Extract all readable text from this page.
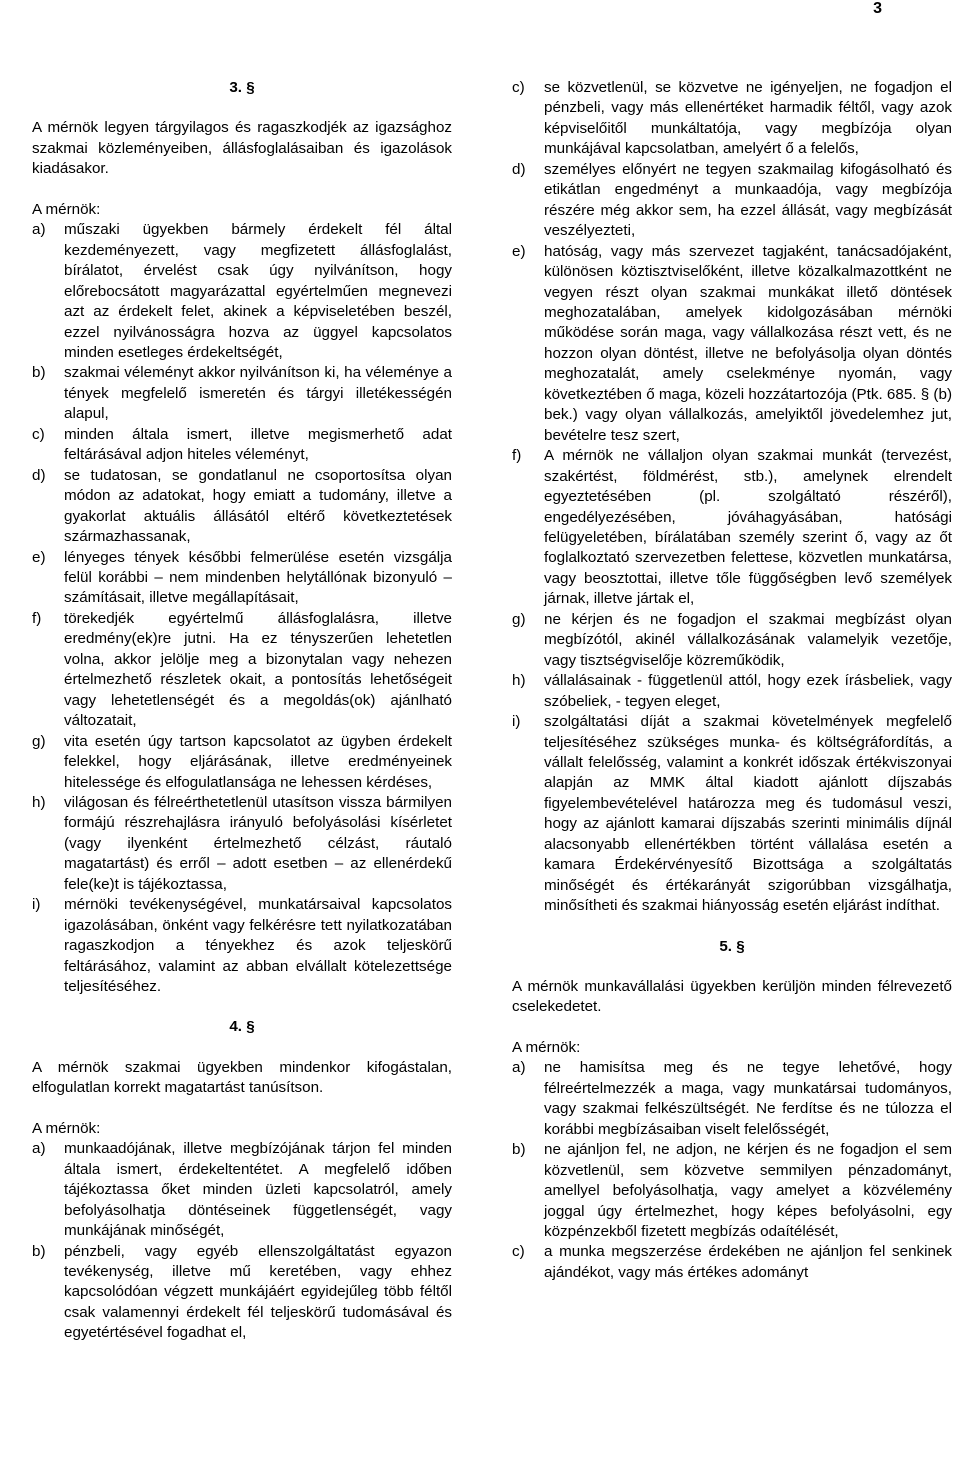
3
3. §

A mérnök legyen tárgyilagos és ragaszkodjék az igazsághoz szakmai közleményeiben, állásfoglalásaiban és igazolások kiadásakor.

A mérnök:
a) műszaki ügyekben bármely érdekelt fél által kezdeményezett, vagy megfizetett állásfoglalást, bírálatot, érvelést csak úgy nyilvánítson, hogy előrebocsátott magyarázattal egyértelműen megnevezi azt az érdekelt felet, akinek a képviseletében beszél, ezzel nyilvánosságra hozva az üggyel kapcsolatos minden esetleges érdekeltségét,
b) szakmai véleményt akkor nyilvánítson ki, ha véleménye a tények megfelelő ismeretén és tárgyi illetékességén alapul,
c) minden általa ismert, illetve megismerhető adat feltárásával adjon hiteles véleményt,
d) se tudatosan, se gondatlanul ne csoportosítsa olyan módon az adatokat, hogy emiatt a tudomány, illetve a gyakorlat aktuális állásától eltérő következtetések származhassanak,
e) lényeges tények későbbi felmerülése esetén vizsgálja felül korábbi – nem mindenben helytállónak bizonyuló – számításait, illetve megállapításait,
f) törekedjék egyértelmű állásfoglalásra, illetve eredmény(ek)re jutni. Ha ez tényszerűen lehetetlen volna, akkor jelölje meg a bizonytalan vagy nehezen értelmezhető részletek okait, a pontosítás lehetőségeit vagy lehetetlenségét és a megoldás(ok) ajánlható változatait,
g) vita esetén úgy tartson kapcsolatot az ügyben érdekelt felekkel, hogy eljárásának, illetve eredményeinek hitelessége és elfogulatlansága ne lehessen kérdéses,
h) világosan és félreérthetetlenül utasítson vissza bármilyen formájú részrehajlásra irányuló befolyásolási kísérletet (vagy ilyenként értelmezhető célzást, ráutaló magatartást) és erről – adott esetben – az ellenérdekű fele(ke)t is tájékoztassa,
i) mérnöki tevékenységével, munkatársaival kapcsolatos igazolásában, önként vagy felkérésre tett nyilatkozatában ragaszkodjon a tényekhez és azok teljeskörű feltárásához, valamint az abban elvállalt kötelezettsége teljesítéséhez.
4. §

A mérnök szakmai ügyekben mindenkor kifogástalan, elfogulatlan korrekt magatartást tanúsítson.

A mérnök:
a) munkaadójának, illetve megbízójának tárjon fel minden általa ismert, érdekeltentétet. A megfelelő időben tájékoztassa őket minden üzleti kapcsolatról, amely befolyásolhatja döntéseinek függetlenségét, vagy munkájának minőségét,
b) pénzbeli, vagy egyéb ellenszolgáltatást egyazon tevékenység, illetve mű keretében, vagy ehhez kapcsolódóan végzett munkájáért egyidejűleg több féltől csak valamennyi érdekelt fél teljeskörű tudomásával és egyetértésével fogadhat el,
c) se közvetlenül, se közvetve ne igényeljen, ne fogadjon el pénzbeli, vagy más ellenértéket harmadik féltől, vagy azok képviselőitől munkáltatója, vagy megbízója olyan munkájával kapcsolatban, amelyért ő a felelős,
d) személyes előnyért ne tegyen szakmailag kifogásolható és etikátlan engedményt a munkaadója, vagy megbízója részére még akkor sem, ha ezzel állását, vagy megbízását veszélyezteti,
e) hatóság, vagy más szervezet tagjaként, tanácsadójaként, különösen köztisztviselőként, illetve közalkalmazottként ne vegyen részt olyan szakmai munkákat illető döntések meghozatalában, amelyek kidolgozásában mérnöki működése során maga, vagy vállalkozása részt vett, és ne hozzon olyan döntést, illetve ne befolyásolja olyan döntés meghozatalát, amely cselekménye nyomán, vagy következtében ő maga, közeli hozzátartozója (Ptk. 685. § (b) bek.) vagy olyan vállalkozás, amelyiktől jövedelemhez jut, bevételre tesz szert,
f) A mérnök ne vállaljon olyan szakmai munkát (tervezést, szakértést, földmérést, stb.), amelynek elrendelt egyeztetésében (pl. szolgáltató részéről), engedélyezésében, jóváhagyásában, hatósági felügyeletében, bírálatában személy szerint ő, vagy az őt foglalkoztató szervezetben felettese, közvetlen munkatársa, vagy beosztottai, illetve tőle függőségben levő személyek járnak, illetve jártak el,
g) ne kérjen és ne fogadjon el szakmai megbízást olyan megbízótól, akinél vállalkozásának valamelyik vezetője, vagy tisztségviselője közreműködik,
h) vállalásainak - függetlenül attól, hogy ezek írásbeliek, vagy szóbeliek, - tegyen eleget,
i) szolgáltatási díját a szakmai követelmények megfelelő teljesítéséhez szükséges munka- és költségráfordítás, a vállalt felelősség, valamint a konkrét időszak értékviszonyai alapján az MMK által kiadott ajánlott díjszabás figyelembevételével határozza meg és tudomásul veszi, hogy az ajánlott kamarai díjszabás szerinti minimális díjnál alacsonyabb ellenértékben történt vállalása esetén a kamara Érdekérvényesítő Bizottsága a szolgáltatás minőségét és értékarányát szigorúbban vizsgálhatja, minősítheti és szakmai hiányosság esetén eljárást indíthat.
5. §

A mérnök munkavállalási ügyekben kerüljön minden félrevezető cselekedetet.

A mérnök:
a) ne hamisítsa meg és ne tegye lehetővé, hogy félreértelmezzék a maga, vagy munkatársai tudományos, vagy szakmai felkészültségét. Ne ferdítse és ne túlozza el korábbi megbízásaiban viselt felelősségét,
b) ne ajánljon fel, ne adjon, ne kérjen és ne fogadjon el sem közvetlenül, sem közvetve semmilyen pénzadományt, amellyel befolyásolhatja, vagy amelyet a közvélemény joggal úgy értelmezhet, hogy képes befolyásolni, egy közpénzekből fizetett megbízás odaítélését,
c) a munka megszerzése érdekében ne ajánljon fel senkinek ajándékot, vagy más értékes adományt
